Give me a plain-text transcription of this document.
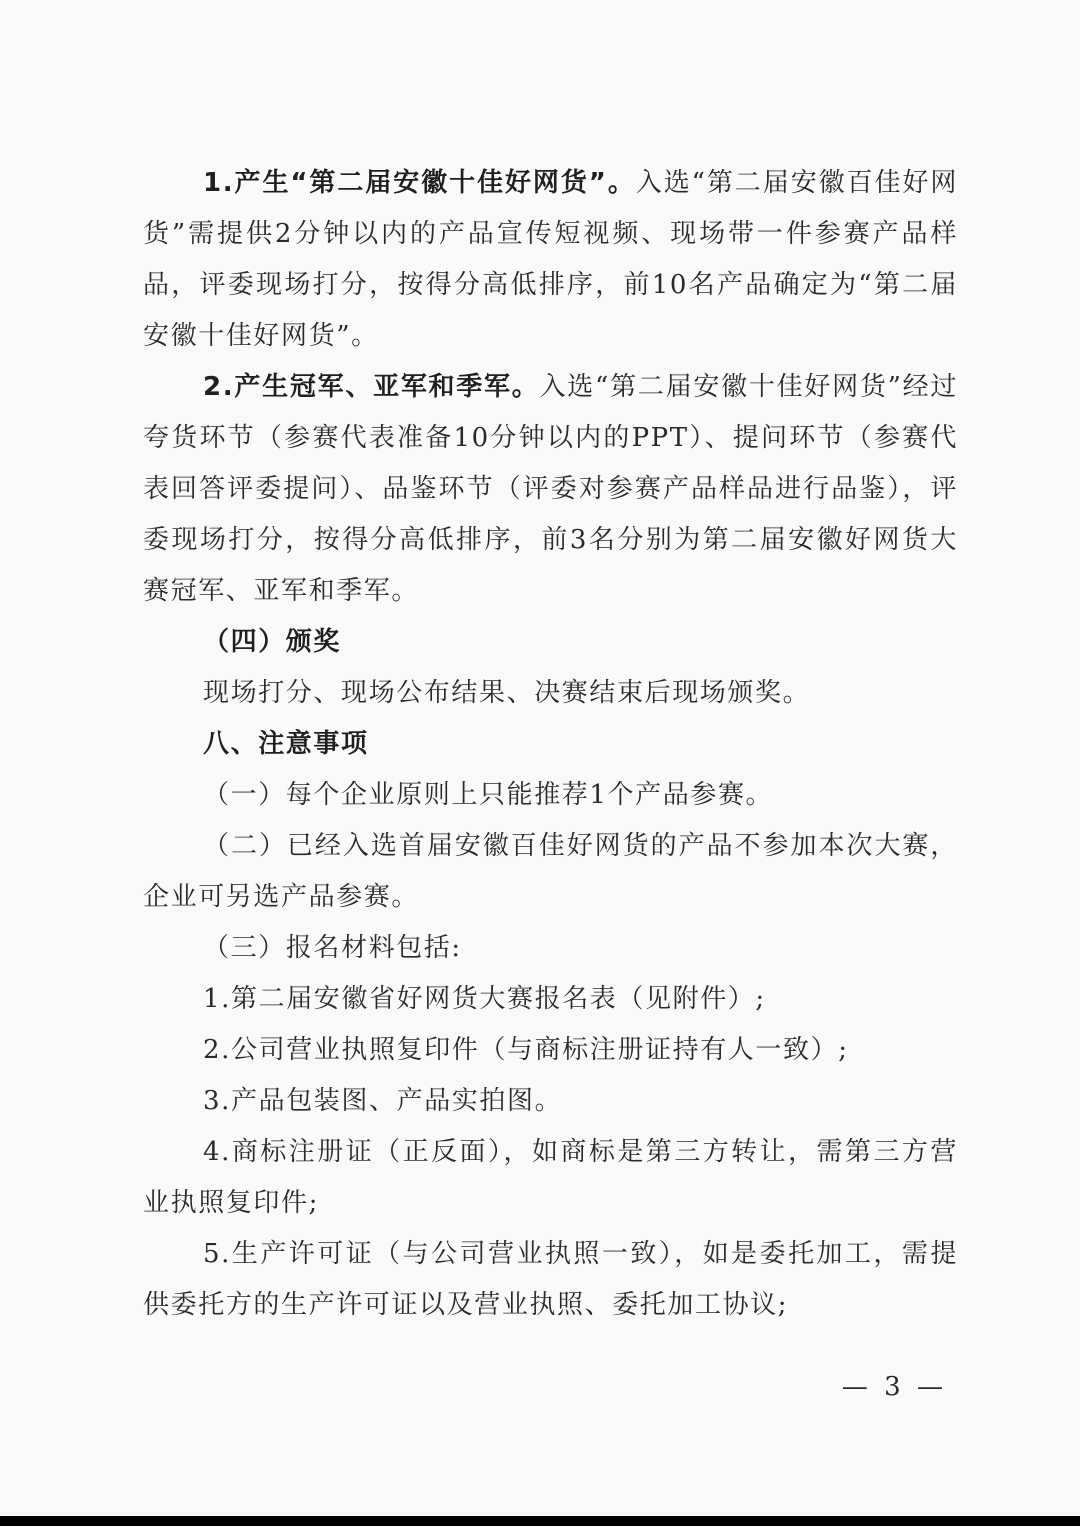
1.产生“第二届安徽十佳好网货”。入选“第二届安徽百佳好网货”需提供2分钟以内的产品宣传短视频、现场带一件参赛产品样品，评委现场打分，按得分高低排序，前10名产品确定为“第二届安徽十佳好网货”。

2.产生冠军、亚军和季军。入选“第二届安徽十佳好网货”经过夸货环节（参赛代表准备10分钟以内的PPT）、提问环节（参赛代表回答评委提问）、品鉴环节（评委对参赛产品样品进行品鉴），评委现场打分，按得分高低排序，前3名分别为第二届安徽好网货大赛冠军、亚军和季军。

（四）颁奖

现场打分、现场公布结果、决赛结束后现场颁奖。

八、注意事项

（一）每个企业原则上只能推荐1个产品参赛。

（二）已经入选首届安徽百佳好网货的产品不参加本次大赛，企业可另选产品参赛。

（三）报名材料包括:

1.第二届安徽省好网货大赛报名表（见附件）;

2.公司营业执照复印件（与商标注册证持有人一致）;

3.产品包装图、产品实拍图。

4.商标注册证（正反面），如商标是第三方转让，需第三方营业执照复印件;

5.生产许可证（与公司营业执照一致），如是委托加工，需提供委托方的生产许可证以及营业执照、委托加工协议;

— 3 —
